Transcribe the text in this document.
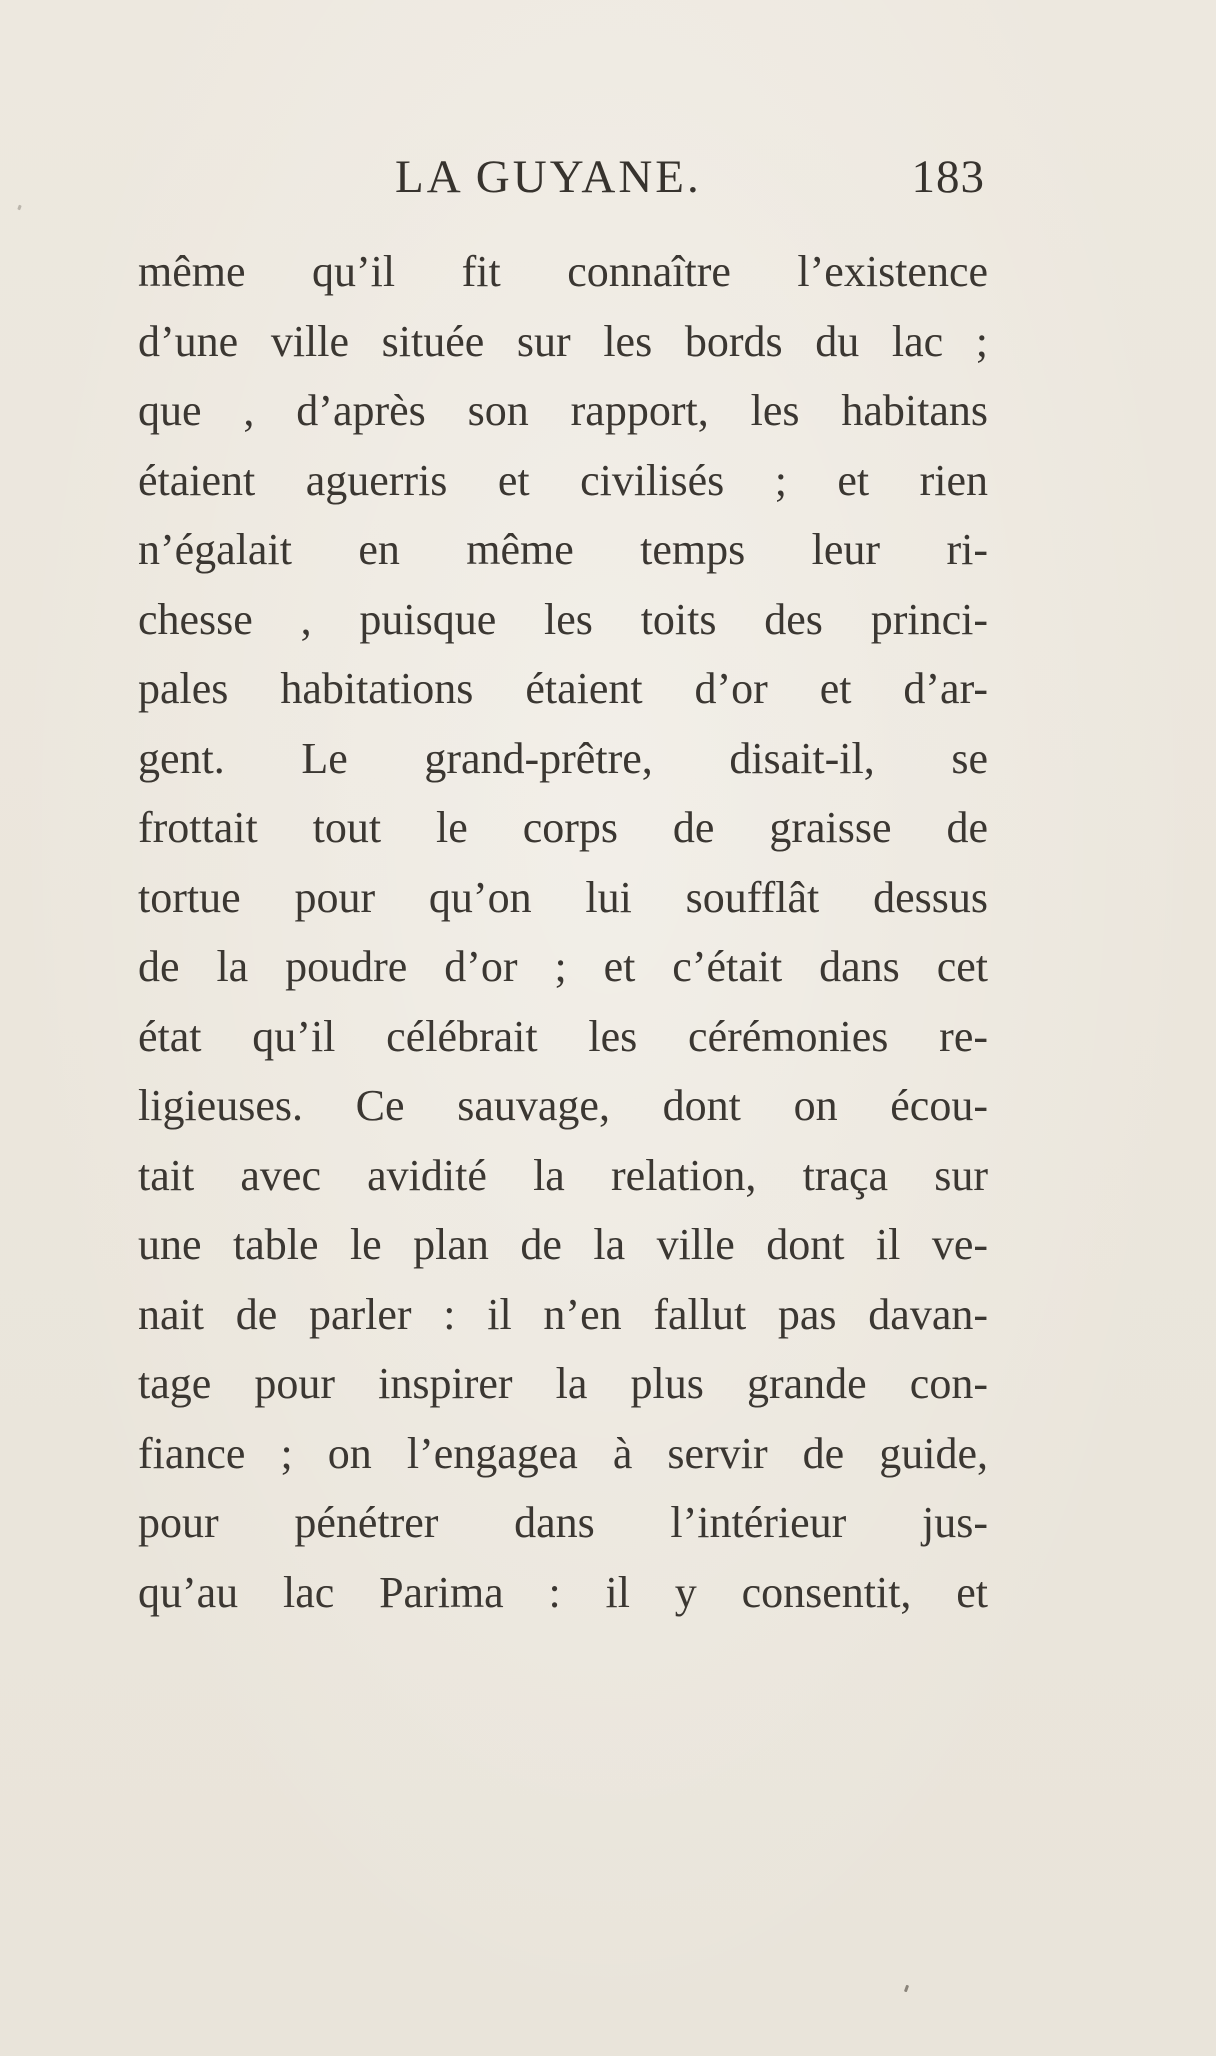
LA GUYANE.	183
même qu’il fit connaître l’existence
d’une ville située sur les bords du lac ;
que , d’après son rapport, les habitans
étaient aguerris et civilisés ; et rien
n’égalait en même temps leur ri-
chesse , puisque les toits des princi-
pales habitations étaient d’or et d’ar-
gent. Le grand-prêtre, disait-il, se
frottait tout le corps de graisse de
tortue pour qu’on lui soufflât dessus
de la poudre d’or ; et c’était dans cet
état qu’il célébrait les cérémonies re-
ligieuses. Ce sauvage, dont on écou-
tait avec avidité la relation, traça sur
une table le plan de la ville dont il ve-
nait de parler : il n’en fallut pas davan-
tage pour inspirer la plus grande con-
fiance ; on l’engagea à servir de guide,
pour pénétrer dans l’intérieur jus-
qu’au lac Parima : il y consentit, et
